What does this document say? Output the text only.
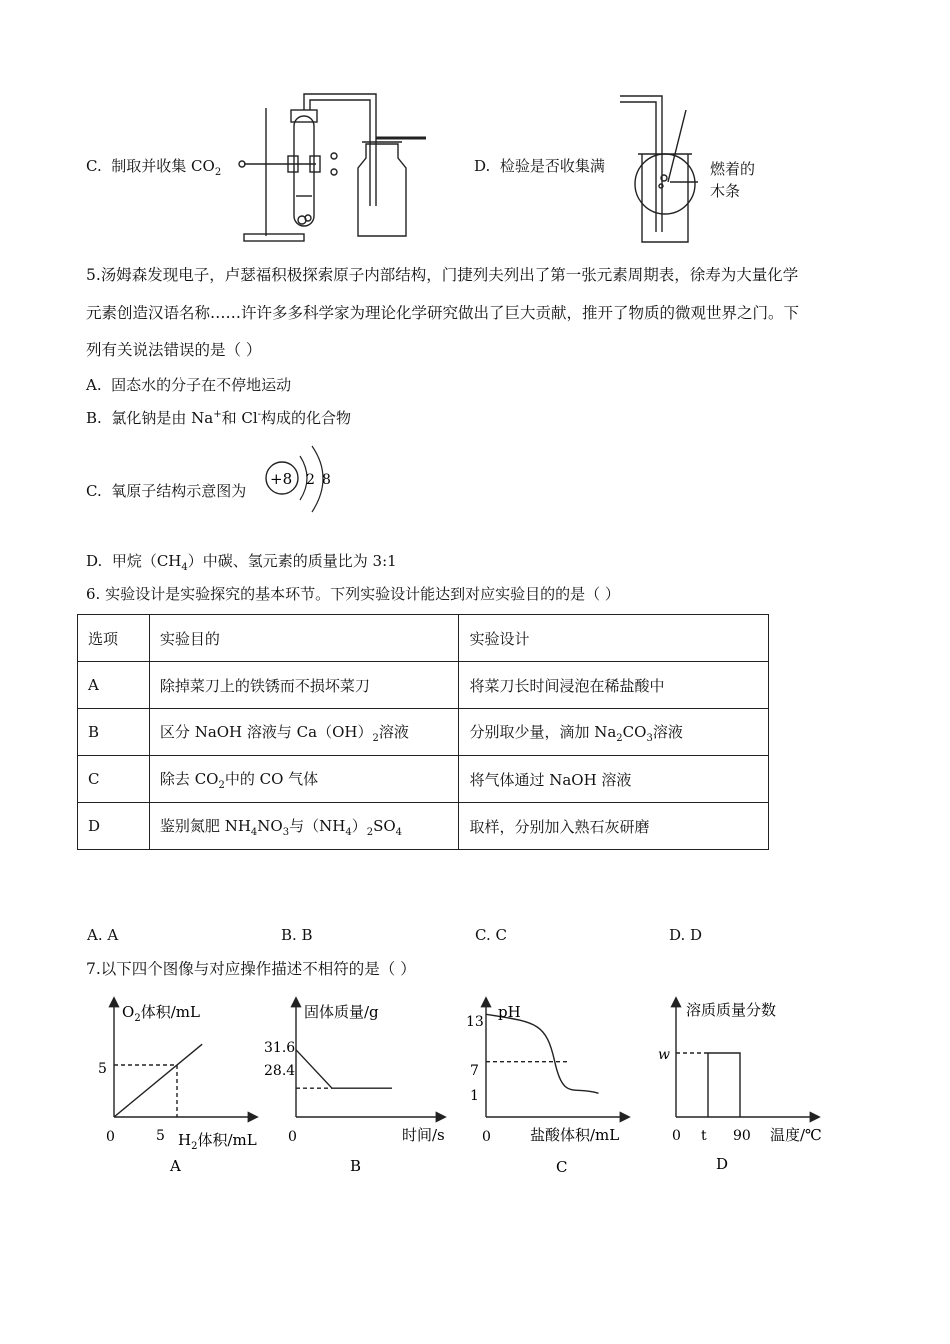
C. 制取并收集 $CO_2$	D. 检验是否收集满	燃着的
木条
5.汤姆森发现电子，卢瑟福积极探索原子内部结构，门捷列夫列出了第一张元素周期表，徐寿为大量化学
元素创造汉语名称……许许多多科学家为理论化学研究做出了巨大贡献，推开了物质的微观世界之门。下
列有关说法错误的是（ ）
A. 固态水的分子在不停地运动
B. 氯化钠是由 Na+和 Cl-构成的化合物
C. 氧原子结构示意图为
+8 2 8
D. 甲烷$(CH_4)$中碳、氢元素的质量比为 3:1
6. 实验设计是实验探究的基本环节。下列实验设计能达到对应实验目的的是（ ）
选项	实验目的	实验设计
A	除掉菜刀上的铁锈而不损坏菜刀	将菜刀长时间浸泡在稀盐酸中
B	区分 NaOH 溶液与 $Ca(OH)_2$溶液	分别取少量，滴加 $Na_2CO_3$溶液
C	除去 $CO_2$中的 CO 气体	将气体通过 NaOH 溶液
D	鉴别氮肥 $NH_4NO_3$与$(NH_4)_2SO_4$	取样，分别加入熟石灰研磨
A. A	B. B	C. C	D. D
7.以下四个图像与对应操作描述不相符的是（ ）
$O_2$体积/mL
$H_2$体积/mL
0	5
5
A
固体质量/g
时间/s
0
31.6
28.4
B
pH
盐酸体积/mL
0
13
7
1
C
溶质质量分数
温度/℃
0 t 90
w
D
